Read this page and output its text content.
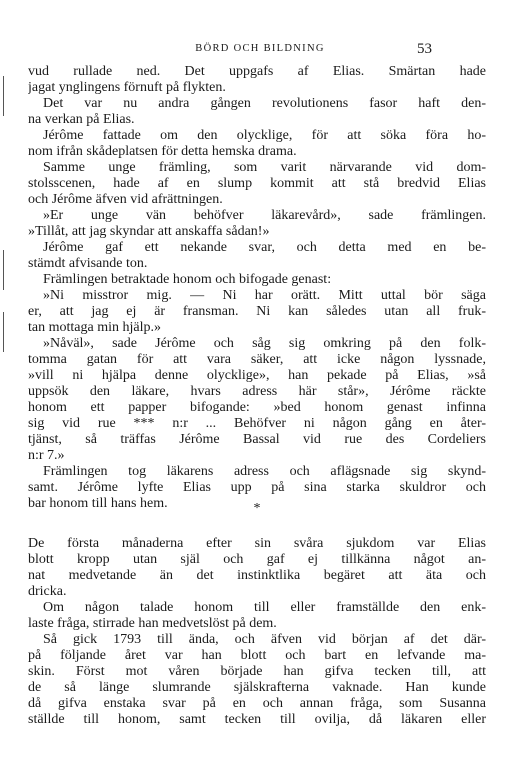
BÖRD OCH BILDNING	53
*
vud rullade ned. Det uppgafs af Elias. Smärtan hade
jagat ynglingens förnuft på flykten.
Det var nu andra gången revolutionens fasor haft den-
na verkan på Elias.
Jérôme fattade om den olycklige, för att söka föra ho-
nom ifrån skådeplatsen för detta hemska drama.
Samme unge främling, som varit närvarande vid dom-
stolsscenen, hade af en slump kommit att stå bredvid Elias
och Jérôme äfven vid afrättningen.
»Er unge vän behöfver läkarevård», sade främlingen.
»Tillåt, att jag skyndar att anskaffa sådan!»
Jérôme gaf ett nekande svar, och detta med en be-
stämdt afvisande ton.
Främlingen betraktade honom och bifogade genast:
»Ni misstror mig. — Ni har orätt. Mitt uttal bör säga
er, att jag ej är fransman. Ni kan således utan all fruk-
tan mottaga min hjälp.»
»Nåväl», sade Jérôme och såg sig omkring på den folk-
tomma gatan för att vara säker, att icke någon lyssnade,
»vill ni hjälpa denne olycklige», han pekade på Elias, »så
uppsök den läkare, hvars adress här står», Jérôme räckte
honom ett papper bifogande: »bed honom genast infinna
sig vid rue *** n:r ... Behöfver ni någon gång en åter-
tjänst, så träffas Jérôme Bassal vid rue des Cordeliers
n:r 7.»
Främlingen tog läkarens adress och aflägsnade sig skynd-
samt. Jérôme lyfte Elias upp på sina starka skuldror och
bar honom till hans hem.
De första månaderna efter sin svåra sjukdom var Elias
blott kropp utan själ och gaf ej tillkänna något an-
nat medvetande än det instinktlika begäret att äta och
dricka.
Om någon talade honom till eller framställde den enk-
laste fråga, stirrade han medvetslöst på dem.
Så gick 1793 till ända, och äfven vid början af det där-
på följande året var han blott och bart en lefvande ma-
skin. Först mot våren började han gifva tecken till, att
de så länge slumrande själskrafterna vaknade. Han kunde
då gifva enstaka svar på en och annan fråga, som Susanna
ställde till honom, samt tecken till ovilja, då läkaren eller
